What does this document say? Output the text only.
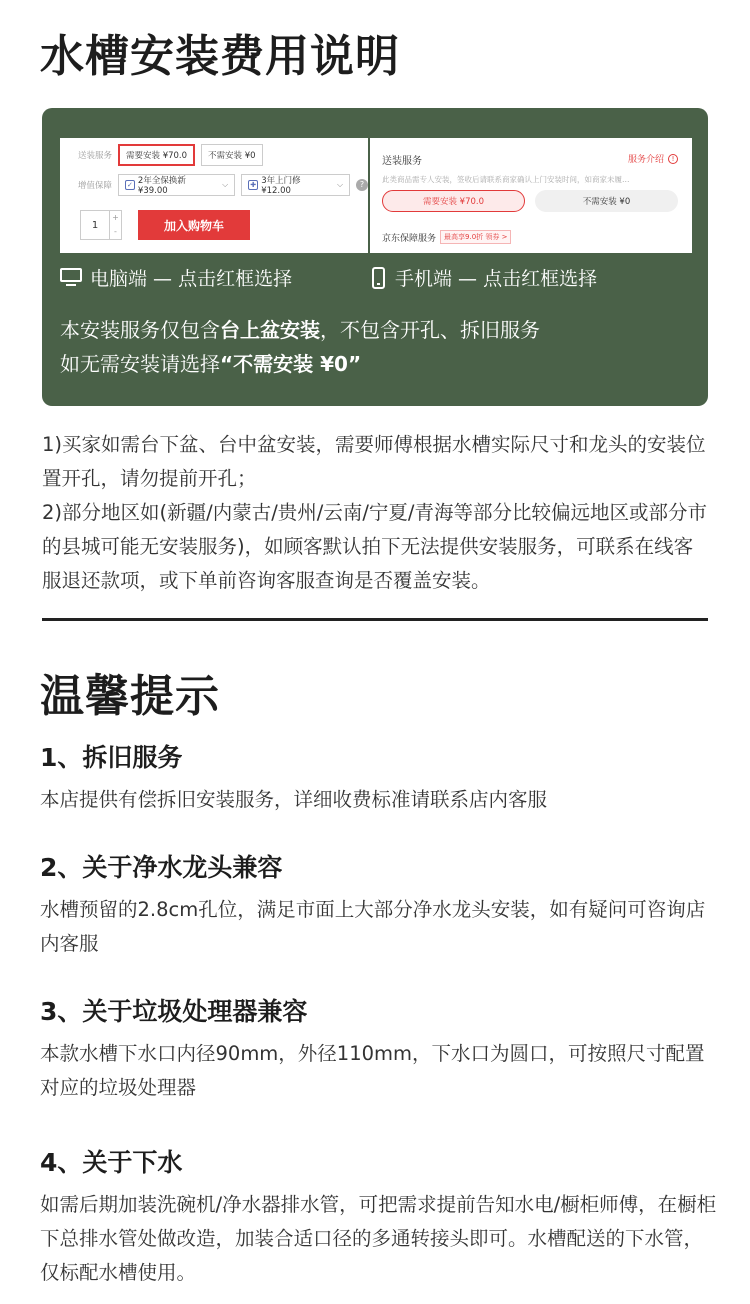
水槽安装费用说明
送装服务	需要安装 ¥70.0	不需安装 ¥0
增值保障	✓ 2年全保换新 ¥39.00
⌵	✚ 3年上门修 ¥12.00
⌵	?
1
+
-	加入购物车
送装服务	服务介绍	!
此类商品需专人安装，签收后请联系商家确认上门安装时间，如商家未履…
需要安装 ¥70.0	不需安装 ¥0
京东保障服务	最高享9.0折 领券 >
电脑端 — 点击红框选择	手机端 — 点击红框选择
本安装服务仅包含台上盆安装，不包含开孔、拆旧服务
如无需安装请选择“不需安装 ¥0”
1)买家如需台下盆、台中盆安装，需要师傅根据水槽实际尺寸和龙头的安装位置开孔，请勿提前开孔；
2)部分地区如(新疆/内蒙古/贵州/云南/宁夏/青海等部分比较偏远地区或部分市的县城可能无安装服务)，如顾客默认拍下无法提供安装服务，可联系在线客服退还款项，或下单前咨询客服查询是否覆盖安装。
温馨提示
1、拆旧服务
本店提供有偿拆旧安装服务，详细收费标准请联系店内客服
2、关于净水龙头兼容
水槽预留的2.8cm孔位，满足市面上大部分净水龙头安装，如有疑问可咨询店内客服
3、关于垃圾处理器兼容
本款水槽下水口内径90mm，外径110mm，下水口为圆口，可按照尺寸配置对应的垃圾处理器
4、关于下水
如需后期加装洗碗机/净水器排水管，可把需求提前告知水电/橱柜师傅，在橱柜下总排水管处做改造，加装合适口径的多通转接头即可。水槽配送的下水管，仅标配水槽使用。
